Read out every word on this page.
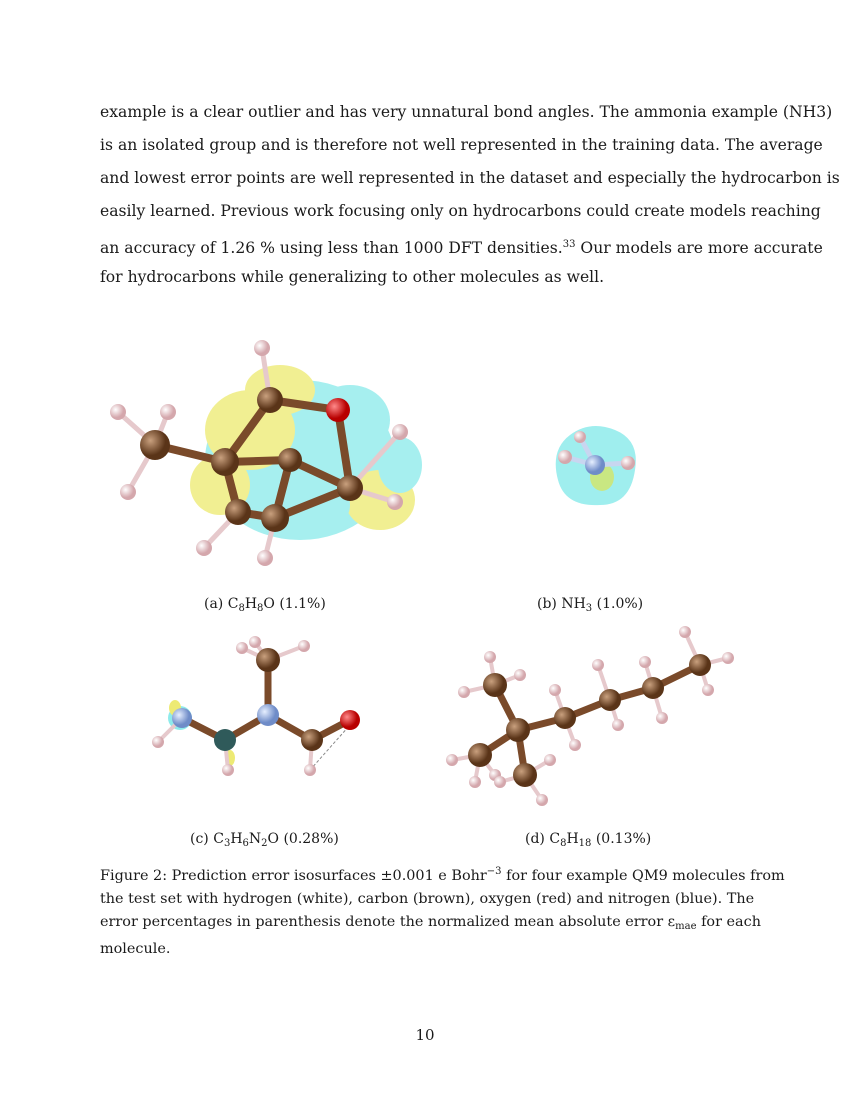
example is a clear outlier and has very unnatural bond angles. The ammonia example (NH3)
is an isolated group and is therefore not well represented in the training data. The average
and lowest error points are well represented in the dataset and especially the hydrocarbon is
easily learned. Previous work focusing only on hydrocarbons could create models reaching
an accuracy of 1.26 % using less than 1000 DFT densities.$^{33}$ Our models are more accurate
for hydrocarbons while generalizing to other molecules as well.
(a) $C_8H_8O$ (1.1%)	(b) $NH_3$ (1.0%)
(c) $C_3H_6N_2O$ (0.28%)	(d) $C_8H_{18}$ (0.13%)
Figure 2: Prediction error isosurfaces ±0.001 e Bohr$^{-3}$ for four example QM9 molecules from
the test set with hydrogen (white), carbon (brown), oxygen (red) and nitrogen (blue). The
error percentages in parenthesis denote the normalized mean absolute error $\varepsilon_{mae}$ for each
molecule.
10
